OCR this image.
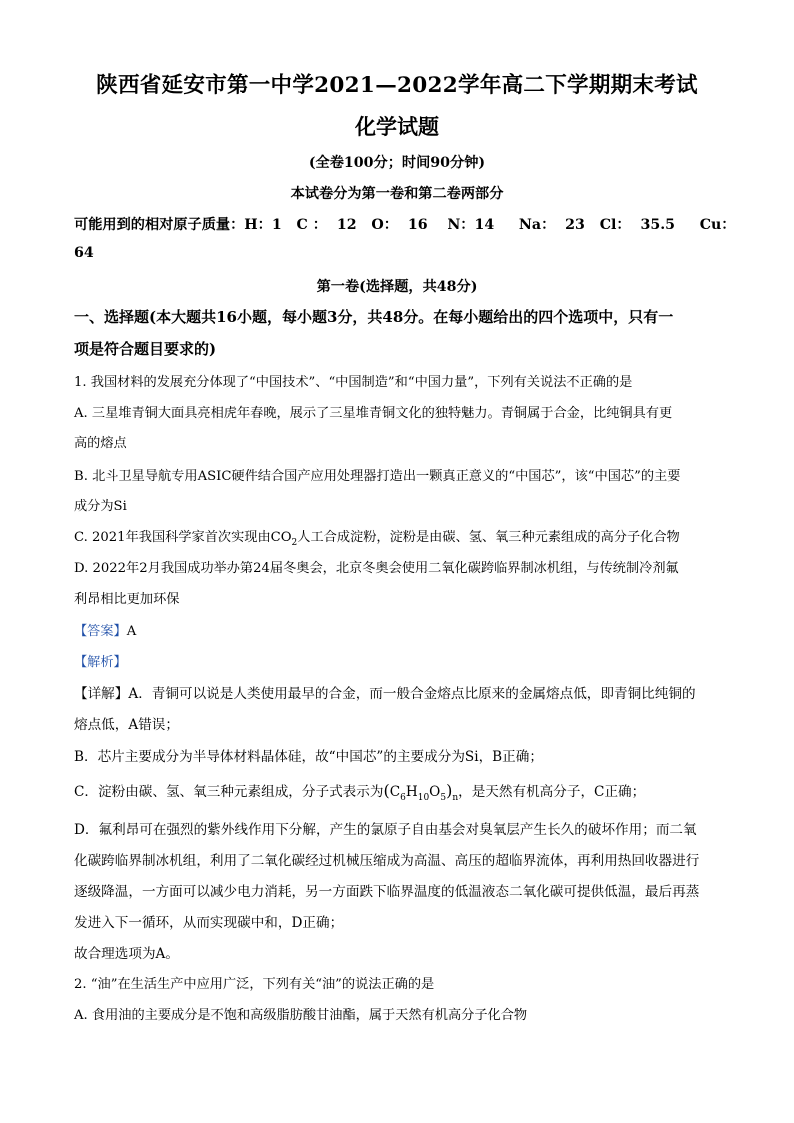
陕西省延安市第一中学2021—2022学年高二下学期期末考试
化学试题
(全卷100分；时间90分钟)
本试卷分为第一卷和第二卷两部分
可能用到的相对原子质量：H：1   C ：  12   O：  16    N：14     Na：  23   Cl：  35.5     Cu：
64
第一卷(选择题，共48分)
一、选择题(本大题共16小题，每小题3分，共48分。在每小题给出的四个选项中，只有一
项是符合题目要求的)
1. 我国材料的发展充分体现了“中国技术”、“中国制造”和“中国力量”，下列有关说法不正确的是
A. 三星堆青铜大面具亮相虎年春晚，展示了三星堆青铜文化的独特魅力。青铜属于合金，比纯铜具有更
高的熔点
B. 北斗卫星导航专用ASIC硬件结合国产应用处理器打造出一颗真正意义的“中国芯”，该“中国芯”的主要
成分为Si
C. 2021年我国科学家首次实现由$CO_2$人工合成淀粉，淀粉是由碳、氢、氧三种元素组成的高分子化合物
D. 2022年2月我国成功举办第24届冬奥会，北京冬奥会使用二氧化碳跨临界制冰机组，与传统制冷剂氟
利昂相比更加环保
【答案】A
【解析】
【详解】A．青铜可以说是人类使用最早的合金，而一般合金熔点比原来的金属熔点低，即青铜比纯铜的
熔点低，A错误；
B．芯片主要成分为半导体材料晶体硅，故“中国芯”的主要成分为Si，B正确；
C．淀粉由碳、氢、氧三种元素组成，分子式表示为$(C_6H_{10}O_5)_n$，是天然有机高分子，C正确；
D．氟利昂可在强烈的紫外线作用下分解，产生的氯原子自由基会对臭氧层产生长久的破坏作用；而二氧
化碳跨临界制冰机组，利用了二氧化碳经过机械压缩成为高温、高压的超临界流体，再利用热回收器进行
逐级降温，一方面可以减少电力消耗，另一方面跌下临界温度的低温液态二氧化碳可提供低温，最后再蒸
发进入下一循环，从而实现碳中和，D正确；
故合理选项为A。
2. “油”在生活生产中应用广泛，下列有关“油”的说法正确的是
A. 食用油的主要成分是不饱和高级脂肪酸甘油酯，属于天然有机高分子化合物
